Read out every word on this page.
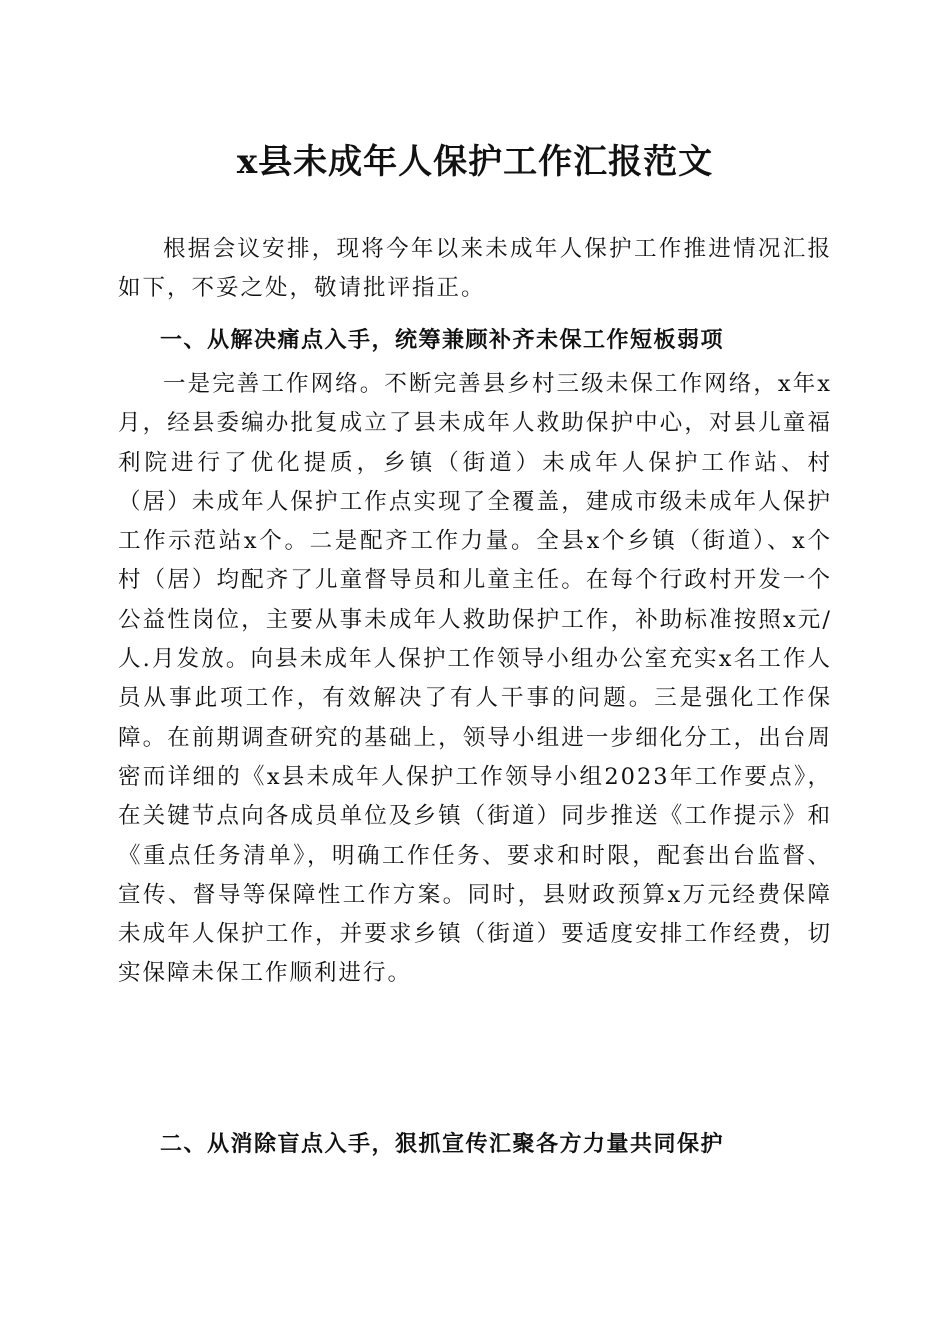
x县未成年人保护工作汇报范文

根据会议安排，现将今年以来未成年人保护工作推进情况汇报如下，不妥之处，敬请批评指正。

一、从解决痛点入手，统筹兼顾补齐未保工作短板弱项

一是完善工作网络。不断完善县乡村三级未保工作网络，x年x月，经县委编办批复成立了县未成年人救助保护中心，对县儿童福利院进行了优化提质，乡镇（街道）未成年人保护工作站、村（居）未成年人保护工作点实现了全覆盖，建成市级未成年人保护工作示范站x个。二是配齐工作力量。全县x个乡镇（街道）、x个村（居）均配齐了儿童督导员和儿童主任。在每个行政村开发一个公益性岗位，主要从事未成年人救助保护工作，补助标准按照x元/人.月发放。向县未成年人保护工作领导小组办公室充实x名工作人员从事此项工作，有效解决了有人干事的问题。三是强化工作保障。在前期调查研究的基础上，领导小组进一步细化分工，出台周密而详细的《x县未成年人保护工作领导小组2023年工作要点》，在关键节点向各成员单位及乡镇（街道）同步推送《工作提示》和《重点任务清单》，明确工作任务、要求和时限，配套出台监督、宣传、督导等保障性工作方案。同时，县财政预算x万元经费保障未成年人保护工作，并要求乡镇（街道）要适度安排工作经费，切实保障未保工作顺利进行。

二、从消除盲点入手，狠抓宣传汇聚各方力量共同保护
